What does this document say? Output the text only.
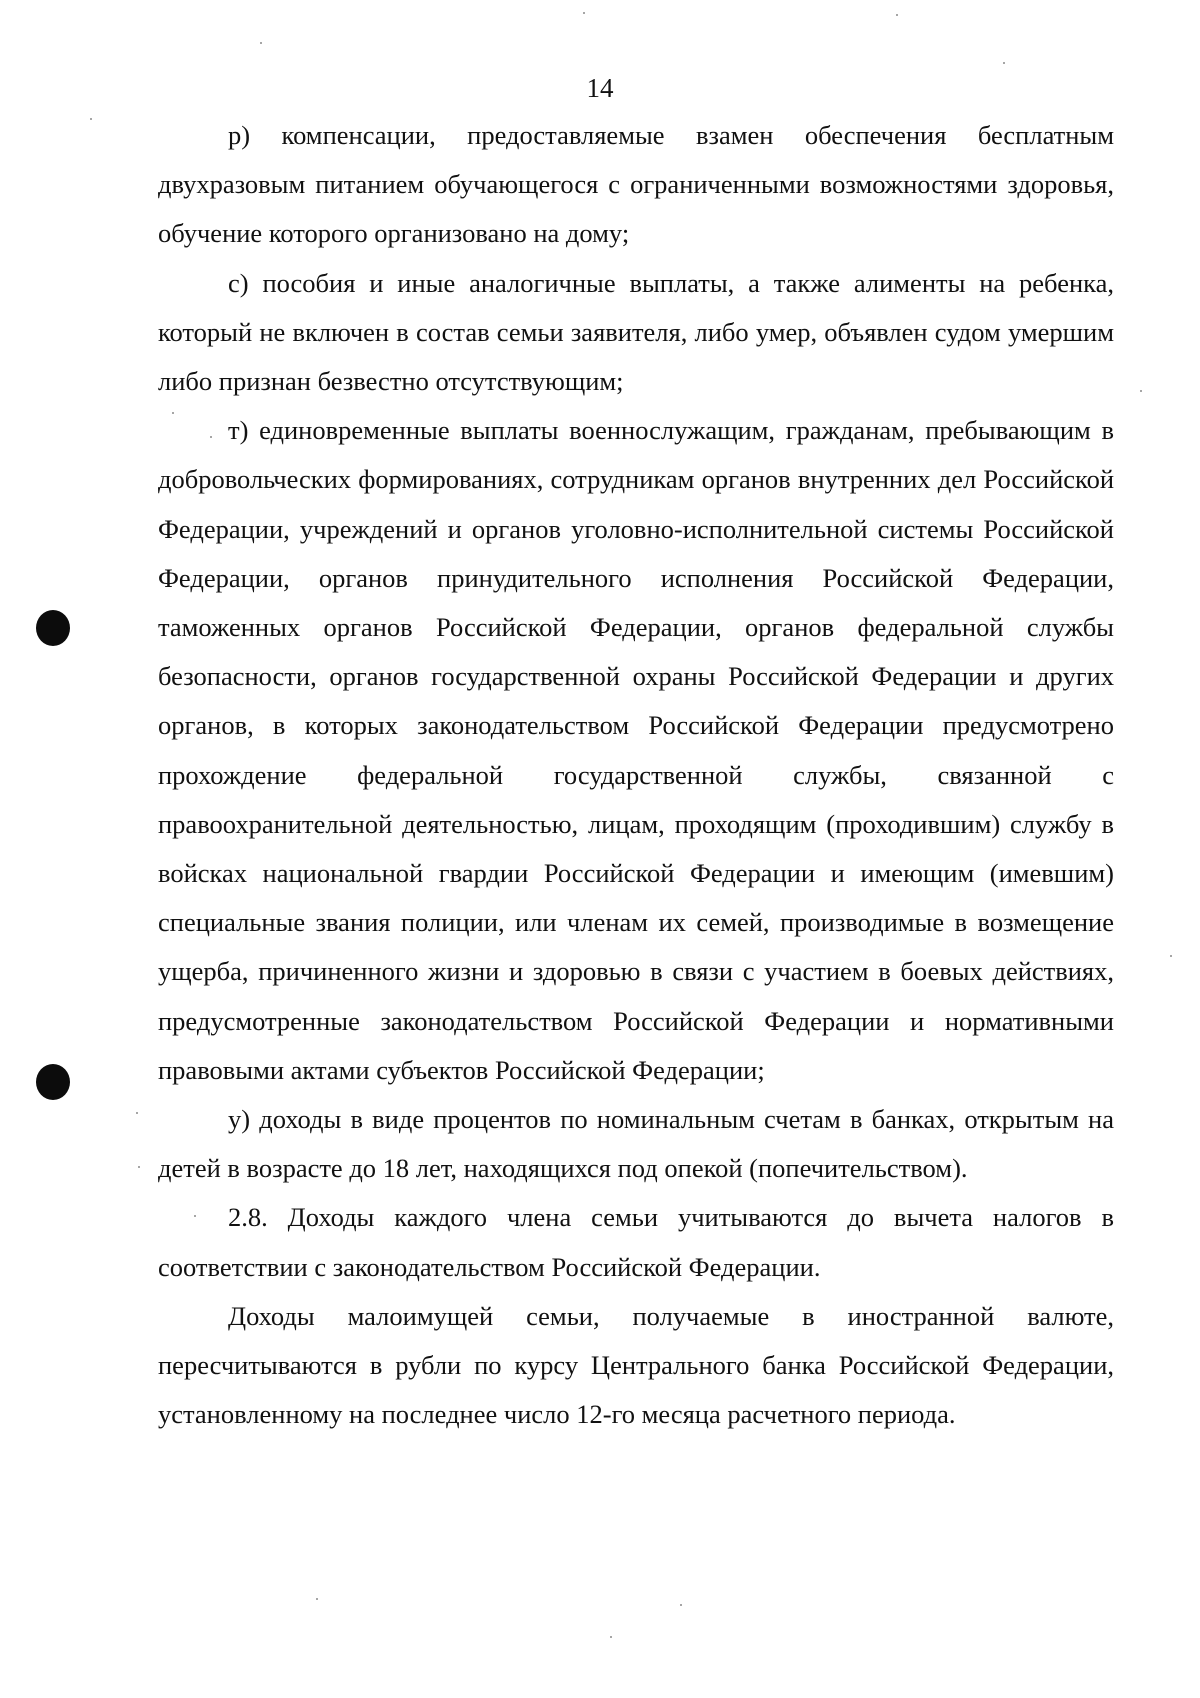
14

р) компенсации, предоставляемые взамен обеспечения бесплатным двухразовым питанием обучающегося с ограниченными возможностями здоровья, обучение которого организовано на дому;

с) пособия и иные аналогичные выплаты, а также алименты на ребенка, который не включен в состав семьи заявителя, либо умер, объявлен судом умершим либо признан безвестно отсутствующим;

т) единовременные выплаты военнослужащим, гражданам, пребывающим в добровольческих формированиях, сотрудникам органов внутренних дел Российской Федерации, учреждений и органов уголовно-исполнительной системы Российской Федерации, органов принудительного исполнения Российской Федерации, таможенных органов Российской Федерации, органов федеральной службы безопасности, органов государственной охраны Российской Федерации и других органов, в которых законодательством Российской Федерации предусмотрено прохождение федеральной государственной службы, связанной с правоохранительной деятельностью, лицам, проходящим (проходившим) службу в войсках национальной гвардии Российской Федерации и имеющим (имевшим) специальные звания полиции, или членам их семей, производимые в возмещение ущерба, причиненного жизни и здоровью в связи с участием в боевых действиях, предусмотренные законодательством Российской Федерации и нормативными правовыми актами субъектов Российской Федерации;

у) доходы в виде процентов по номинальным счетам в банках, открытым на детей в возрасте до 18 лет, находящихся под опекой (попечительством).

2.8. Доходы каждого члена семьи учитываются до вычета налогов в соответствии с законодательством Российской Федерации.

Доходы малоимущей семьи, получаемые в иностранной валюте, пересчитываются в рубли по курсу Центрального банка Российской Федерации, установленному на последнее число 12-го месяца расчетного периода.
